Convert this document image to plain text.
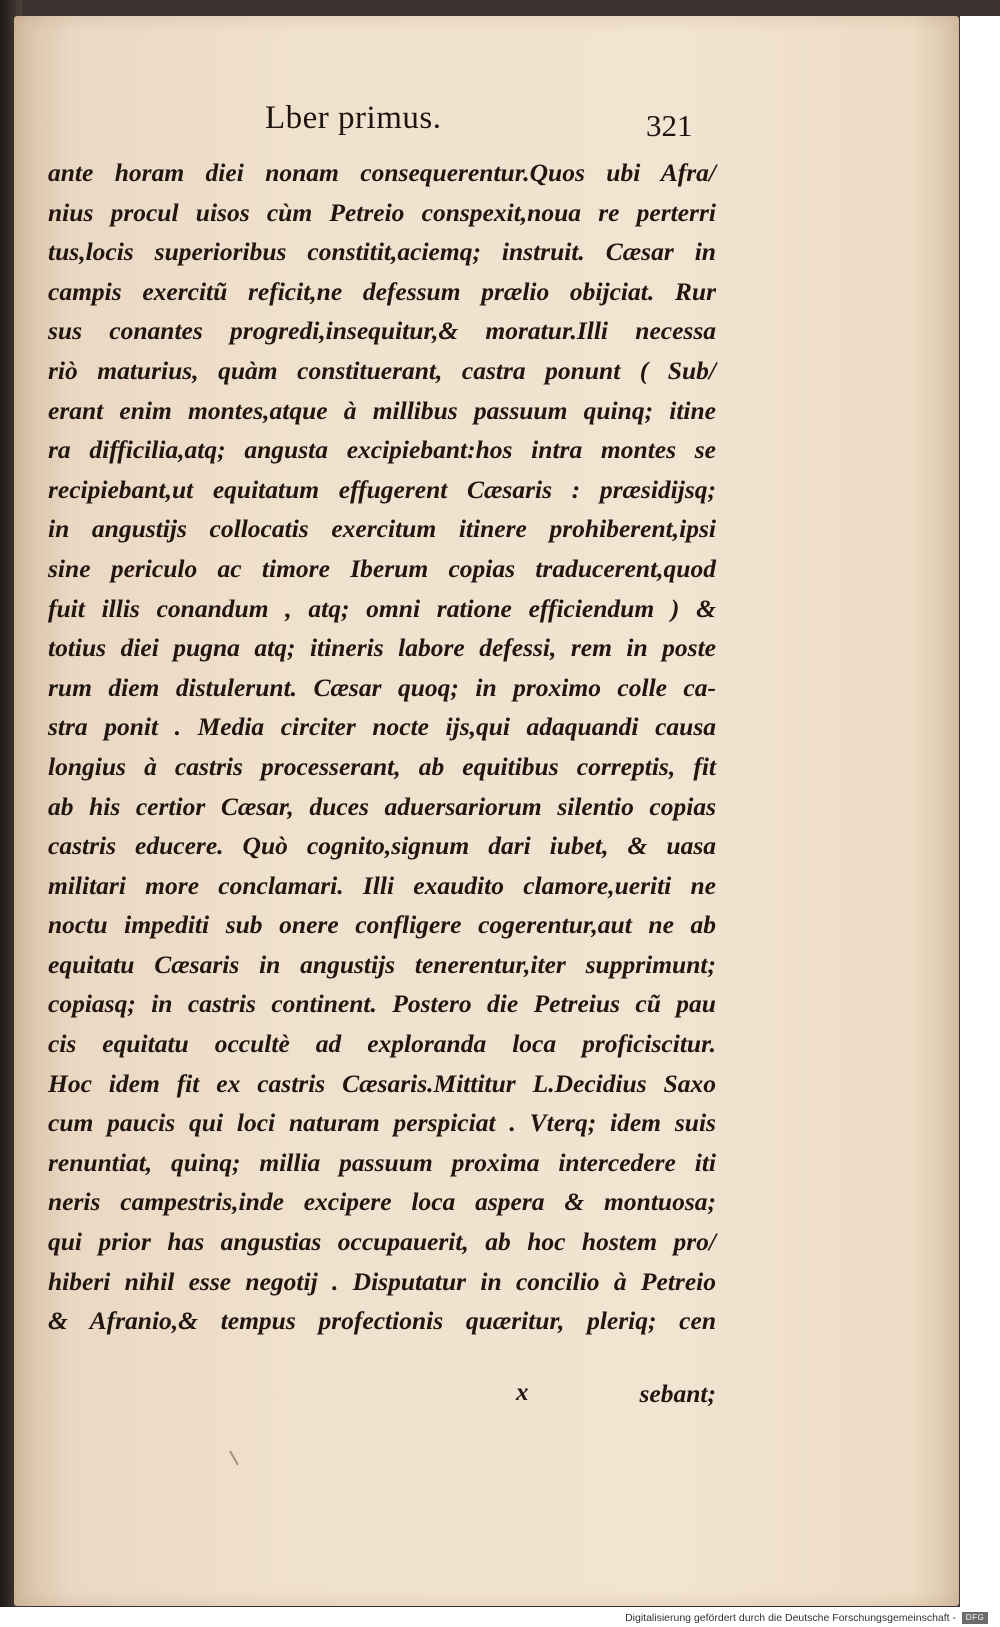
Lber primus.	321
ante horam diei nonam consequerentur.Quos ubi Afra/
nius procul uisos cùm Petreio conspexit,noua re perterri
tus,locis superioribus constitit,aciemq; instruit. Cæsar in
campis exercitũ reficit,ne defessum prælio obijciat. Rur
sus conantes progredi,insequitur,& moratur.Illi necessa
riò maturius, quàm constituerant, castra ponunt ( Sub/
erant enim montes,atque à millibus passuum quinq; itine
ra difficilia,atq; angusta excipiebant:hos intra montes se
recipiebant,ut equitatum effugerent Cæsaris : præsidijsq;
in angustijs collocatis exercitum itinere prohiberent,ipsi
sine periculo ac timore Iberum copias traducerent,quod
fuit illis conandum , atq; omni ratione efficiendum ) &
totius diei pugna atq; itineris labore defessi, rem in poste
rum diem distulerunt. Cæsar quoq; in proximo colle ca-
stra ponit . Media circiter nocte ijs,qui adaquandi causa
longius à castris processerant, ab equitibus correptis, fit
ab his certior Cæsar, duces aduersariorum silentio copias
castris educere. Quò cognito,signum dari iubet, & uasa
militari more conclamari. Illi exaudito clamore,ueriti ne
noctu impediti sub onere confligere cogerentur,aut ne ab
equitatu Cæsaris in angustijs tenerentur,iter supprimunt;
copiasq; in castris continent. Postero die Petreius cũ pau
cis equitatu occultè ad exploranda loca proficiscitur.
Hoc idem fit ex castris Cæsaris.Mittitur L.Decidius Saxo
cum paucis qui loci naturam perspiciat . Vterq; idem suis
renuntiat, quinq; millia passuum proxima intercedere iti
neris campestris,inde excipere loca aspera & montuosa;
qui prior has angustias occupauerit, ab hoc hostem pro/
hiberi nihil esse negotij . Disputatur in concilio à Petreio
& Afranio,& tempus profectionis quæritur, pleriq; cen
x	sebant;
Digitalisierung gefördert durch die Deutsche Forschungsgemeinschaft -	DFG
